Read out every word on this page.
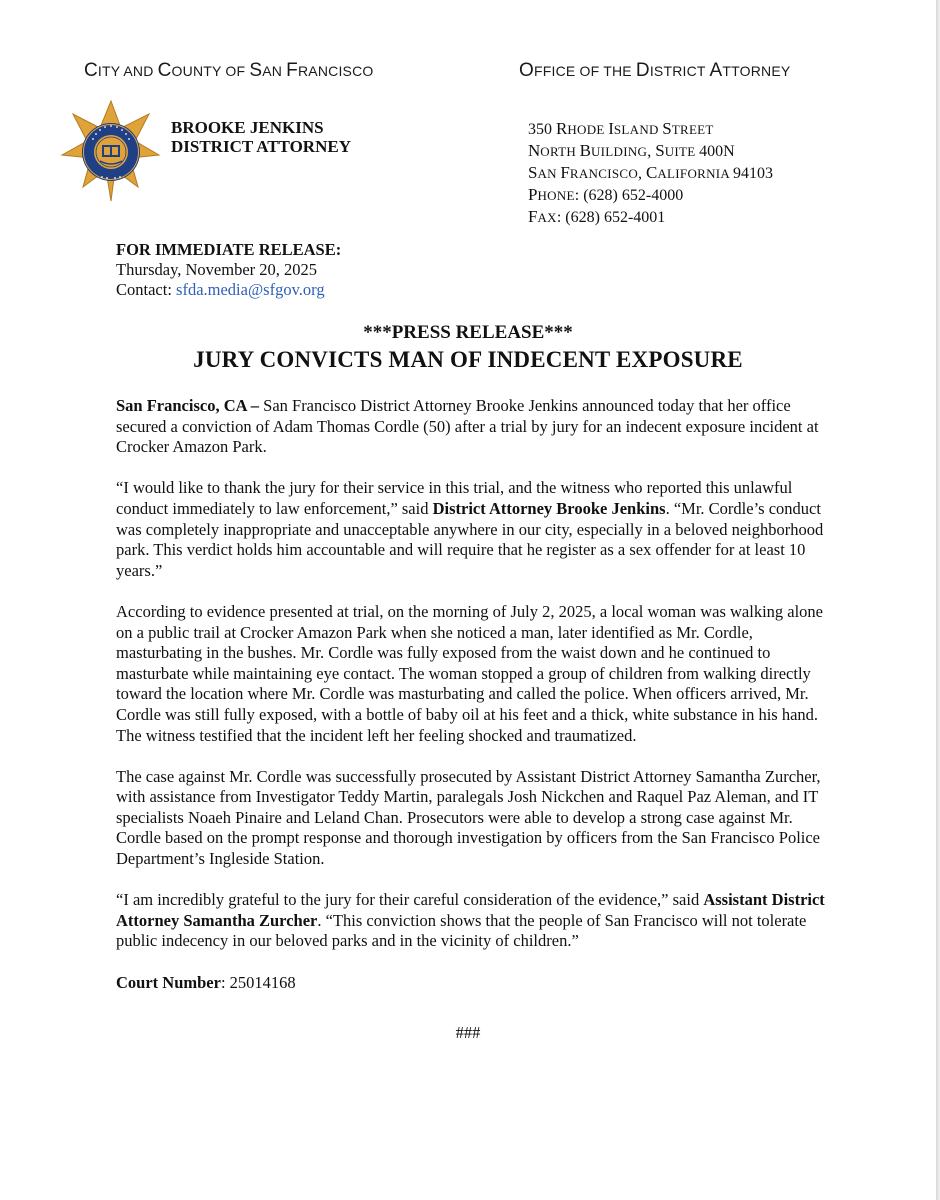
CITY AND COUNTY OF SAN FRANCISCO	OFFICE OF THE DISTRICT ATTORNEY
BROOKE JENKINS
DISTRICT ATTORNEY
350 RHODE ISLAND STREET
NORTH BUILDING, SUITE 400N
SAN FRANCISCO, CALIFORNIA 94103
PHONE: (628) 652-4000
FAX: (628) 652-4001
FOR IMMEDIATE RELEASE:
Thursday, November 20, 2025
Contact: sfda.media@sfgov.org
***PRESS RELEASE***
JURY CONVICTS MAN OF INDECENT EXPOSURE

San Francisco, CA – San Francisco District Attorney Brooke Jenkins announced today that her office secured a conviction of Adam Thomas Cordle (50) after a trial by jury for an indecent exposure incident at Crocker Amazon Park.

“I would like to thank the jury for their service in this trial, and the witness who reported this unlawful conduct immediately to law enforcement,” said District Attorney Brooke Jenkins. “Mr. Cordle’s conduct was completely inappropriate and unacceptable anywhere in our city, especially in a beloved neighborhood park. This verdict holds him accountable and will require that he register as a sex offender for at least 10 years.”

According to evidence presented at trial, on the morning of July 2, 2025, a local woman was walking alone on a public trail at Crocker Amazon Park when she noticed a man, later identified as Mr. Cordle, masturbating in the bushes. Mr. Cordle was fully exposed from the waist down and he continued to masturbate while maintaining eye contact. The woman stopped a group of children from walking directly toward the location where Mr. Cordle was masturbating and called the police. When officers arrived, Mr. Cordle was still fully exposed, with a bottle of baby oil at his feet and a thick, white substance in his hand. The witness testified that the incident left her feeling shocked and traumatized.

The case against Mr. Cordle was successfully prosecuted by Assistant District Attorney Samantha Zurcher, with assistance from Investigator Teddy Martin, paralegals Josh Nickchen and Raquel Paz Aleman, and IT specialists Noaeh Pinaire and Leland Chan. Prosecutors were able to develop a strong case against Mr. Cordle based on the prompt response and thorough investigation by officers from the San Francisco Police Department’s Ingleside Station.

“I am incredibly grateful to the jury for their careful consideration of the evidence,” said Assistant District Attorney Samantha Zurcher. “This conviction shows that the people of San Francisco will not tolerate public indecency in our beloved parks and in the vicinity of children.”

Court Number: 25014168

###
